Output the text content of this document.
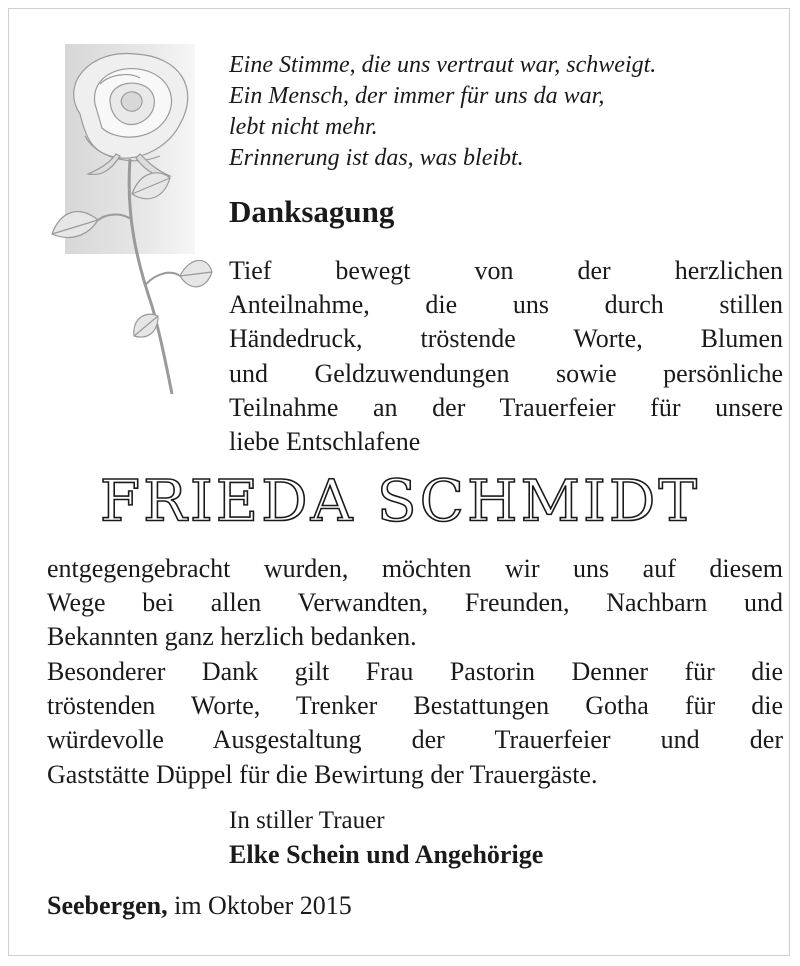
Eine Stimme, die uns vertraut war, schweigt.
Ein Mensch, der immer für uns da war,
lebt nicht mehr.
Erinnerung ist das, was bleibt.
Danksagung
Tief bewegt von der herzlichen
Anteilnahme, die uns durch stillen
Händedruck, tröstende Worte, Blumen
und Geldzuwendungen sowie persönliche
Teilnahme an der Trauerfeier für unsere
liebe Entschlafene
FRIEDA SCHMIDT
entgegengebracht wurden, möchten wir uns auf diesem
Wege bei allen Verwandten, Freunden, Nachbarn und
Bekannten ganz herzlich bedanken.
Besonderer Dank gilt Frau Pastorin Denner für die
tröstenden Worte, Trenker Bestattungen Gotha für die
würdevolle Ausgestaltung der Trauerfeier und der
Gaststätte Düppel für die Bewirtung der Trauergäste.
In stiller Trauer
Elke Schein und Angehörige
Seebergen, im Oktober 2015
